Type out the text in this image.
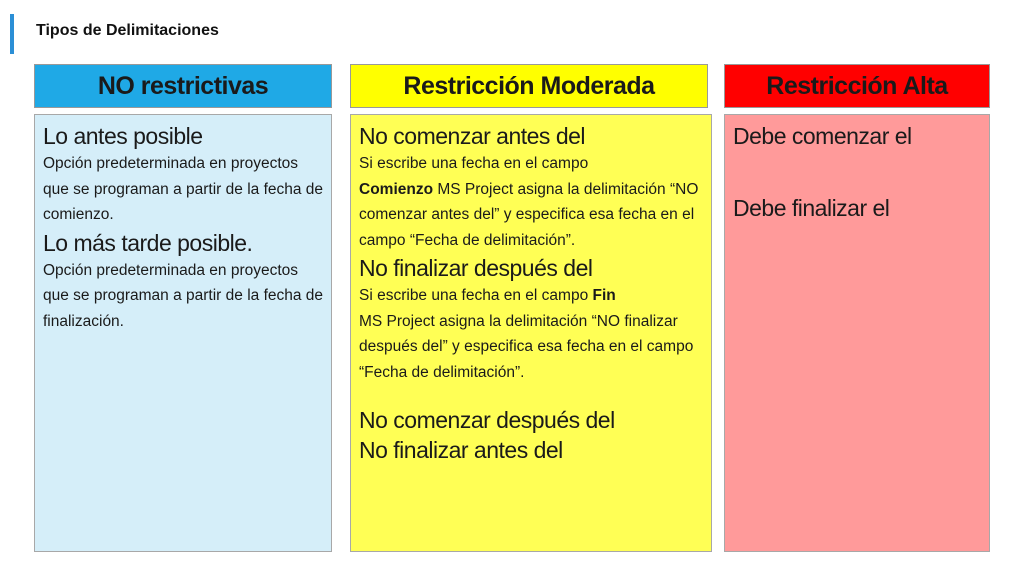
Tipos de Delimitaciones
NO restrictivas	Restricción Moderada	Restricción Alta
Lo antes posible
Opción predeterminada en proyectos que se programan a partir de la fecha de comienzo.
Lo más tarde posible.
Opción predeterminada en proyectos que se programan a partir de la fecha de finalización.
No comenzar antes del
Si escribe una fecha en el campo
Comienzo MS Project asigna la delimitación “NO comenzar antes del” y especifica esa fecha en el campo “Fecha de delimitación”.
No finalizar después del
Si escribe una fecha en el campo Fin
MS Project asigna la delimitación “NO finalizar después del” y especifica esa fecha en el campo “Fecha de delimitación”.
No comenzar después del
No finalizar antes del
Debe comenzar el
Debe finalizar el
